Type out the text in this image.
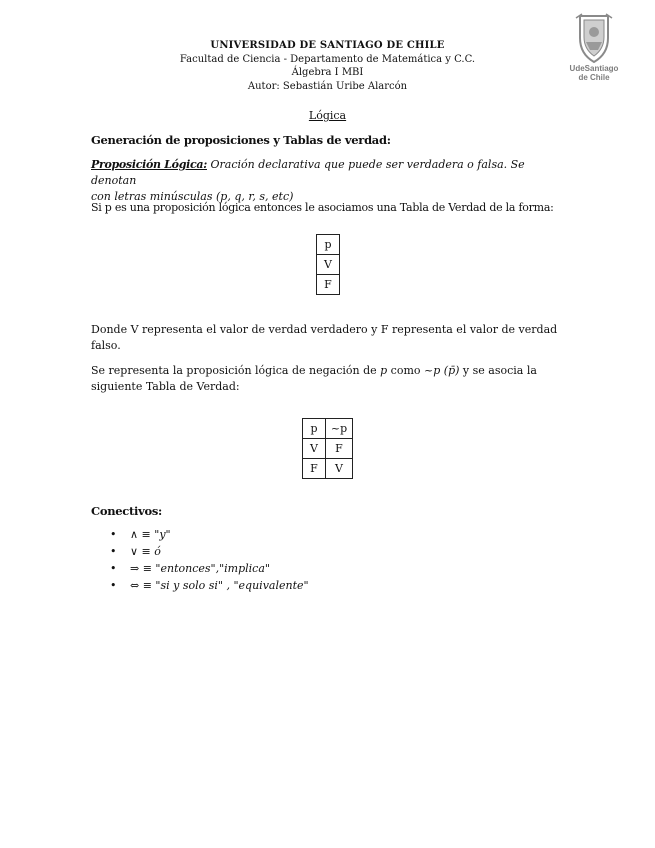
UNIVERSIDAD DE SANTIAGO DE CHILE
Facultad de Ciencia - Departamento de Matemática y C.C.
Álgebra I MBI
Autor: Sebastián Uribe Alarcón
UdeSantiago
de Chile
Lógica
Generación de proposiciones y Tablas de verdad:
Proposición Lógica: Oración declarativa que puede ser verdadera o falsa. Se denotan
con letras minúsculas (p, q, r, s, etc)
Si p es una proposición lógica entonces le asociamos una Tabla de Verdad de la forma:
p
V
F
Donde V representa el valor de verdad verdadero y F representa el valor de verdad
falso.
Se representa la proposición lógica de negación de p como ~p (p̄) y se asocia la
siguiente Tabla de Verdad:
p	~p
V	F
F	V
Conectivos:
• ∧ ≡ "y"
• ∨ ≡ ó
• ⇒ ≡ "entonces","implica"
• ⇔ ≡ "si y solo si" , "equivalente"
